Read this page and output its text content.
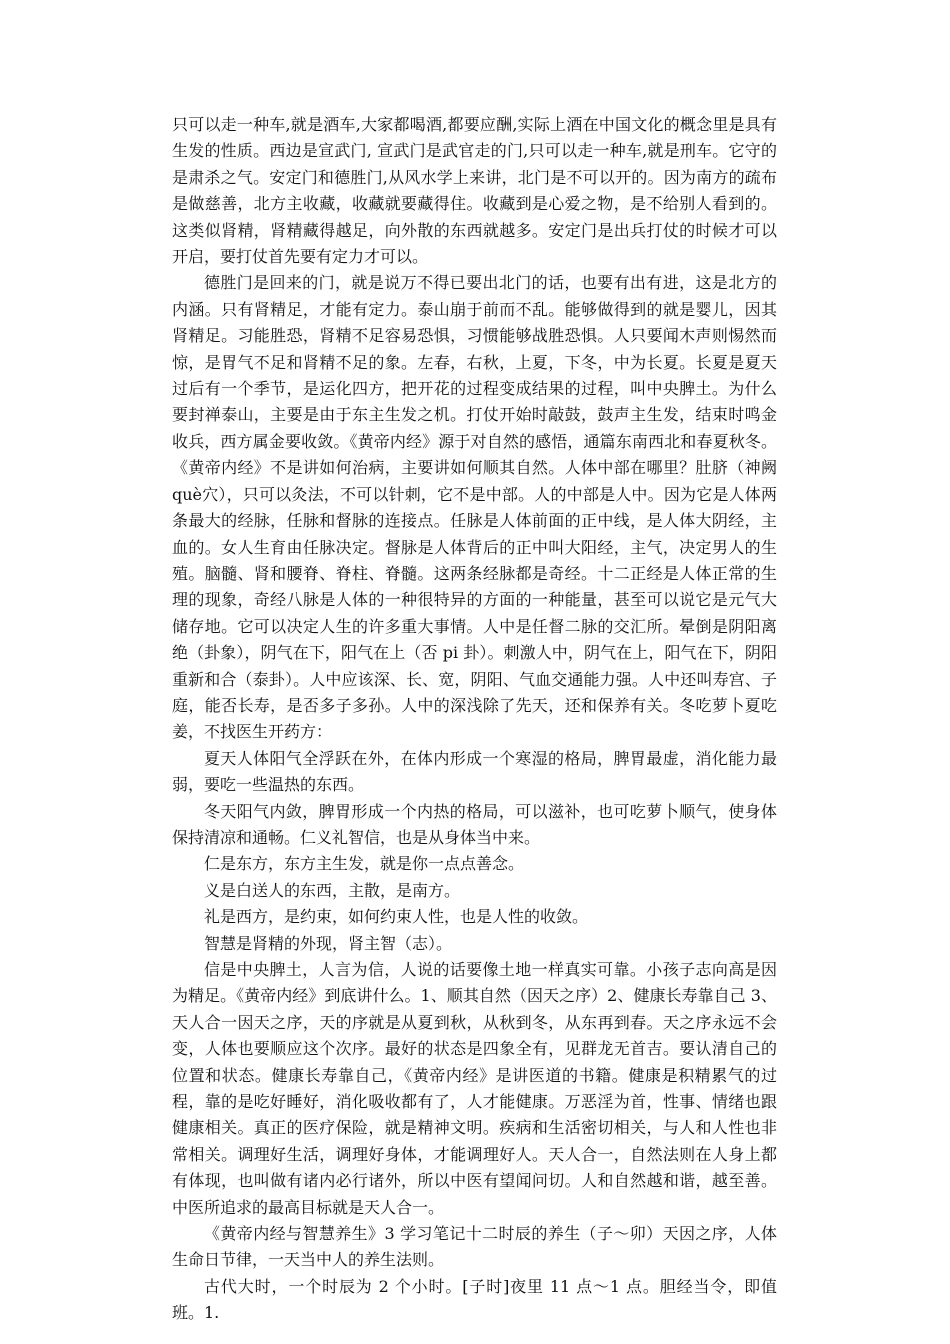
只可以走一种车,就是酒车,大家都喝酒,都要应酬,实际上酒在中国文化的概念里是具有生发的性质。西边是宣武门, 宣武门是武官走的门,只可以走一种车,就是刑车。它守的是肃杀之气。安定门和德胜门,从风水学上来讲，北门是不可以开的。因为南方的疏布是做慈善，北方主收藏，收藏就要藏得住。收藏到是心爱之物，是不给别人看到的。这类似肾精，肾精藏得越足，向外散的东西就越多。安定门是出兵打仗的时候才可以开启，要打仗首先要有定力才可以。

德胜门是回来的门，就是说万不得已要出北门的话，也要有出有进，这是北方的内涵。只有肾精足，才能有定力。泰山崩于前而不乱。能够做得到的就是婴儿，因其肾精足。习能胜恐，肾精不足容易恐惧，习惯能够战胜恐惧。人只要闻木声则惕然而惊，是胃气不足和肾精不足的象。左春，右秋，上夏，下冬，中为长夏。长夏是夏天过后有一个季节，是运化四方，把开花的过程变成结果的过程，叫中央脾土。为什么要封禅泰山，主要是由于东主生发之机。打仗开始时敲鼓，鼓声主生发，结束时鸣金收兵，西方属金要收敛。《黄帝内经》源于对自然的感悟，通篇东南西北和春夏秋冬。《黄帝内经》不是讲如何治病，主要讲如何顺其自然。人体中部在哪里？肚脐（神阙 què穴），只可以灸法，不可以针刺，它不是中部。人的中部是人中。因为它是人体两条最大的经脉，任脉和督脉的连接点。任脉是人体前面的正中线，是人体大阴经，主血的。女人生育由任脉决定。督脉是人体背后的正中叫大阳经，主气，决定男人的生殖。脑髓、肾和腰脊、脊柱、脊髓。这两条经脉都是奇经。十二正经是人体正常的生理的现象，奇经八脉是人体的一种很特异的方面的一种能量，甚至可以说它是元气大储存地。它可以决定人生的许多重大事情。人中是任督二脉的交汇所。晕倒是阴阳离绝（卦象），阴气在下，阳气在上（否 pi 卦）。刺激人中，阴气在上，阳气在下，阴阳重新和合（泰卦）。人中应该深、长、宽，阴阳、气血交通能力强。人中还叫寿宫、子庭，能否长寿，是否多子多孙。人中的深浅除了先天，还和保养有关。冬吃萝卜夏吃姜，不找医生开药方：

夏天人体阳气全浮跃在外，在体内形成一个寒湿的格局，脾胃最虚，消化能力最弱，要吃一些温热的东西。

冬天阳气内敛，脾胃形成一个内热的格局，可以滋补，也可吃萝卜顺气，使身体保持清凉和通畅。仁义礼智信，也是从身体当中来。

仁是东方，东方主生发，就是你一点点善念。

义是白送人的东西，主散，是南方。

礼是西方，是约束，如何约束人性，也是人性的收敛。

智慧是肾精的外现，肾主智（志）。

信是中央脾土，人言为信，人说的话要像土地一样真实可靠。小孩子志向高是因为精足。《黄帝内经》到底讲什么。1、顺其自然（因天之序）2、健康长寿靠自己 3、天人合一因天之序，天的序就是从夏到秋，从秋到冬，从东再到春。天之序永远不会变，人体也要顺应这个次序。最好的状态是四象全有，见群龙无首吉。要认清自己的位置和状态。健康长寿靠自己，《黄帝内经》是讲医道的书籍。健康是积精累气的过程，靠的是吃好睡好，消化吸收都有了，人才能健康。万恶淫为首，性事、情绪也跟健康相关。真正的医疗保险，就是精神文明。疾病和生活密切相关，与人和人性也非常相关。调理好生活，调理好身体，才能调理好人。天人合一，自然法则在人身上都有体现，也叫做有诸内必行诸外，所以中医有望闻问切。人和自然越和谐，越至善。中医所追求的最高目标就是天人合一。

《黄帝内经与智慧养生》3 学习笔记十二时辰的养生（子～卯）天因之序，人体生命日节律，一天当中人的养生法则。

古代大时，一个时辰为 2 个小时。[子时]夜里 11 点～1 点。胆经当令，即值班。1.
